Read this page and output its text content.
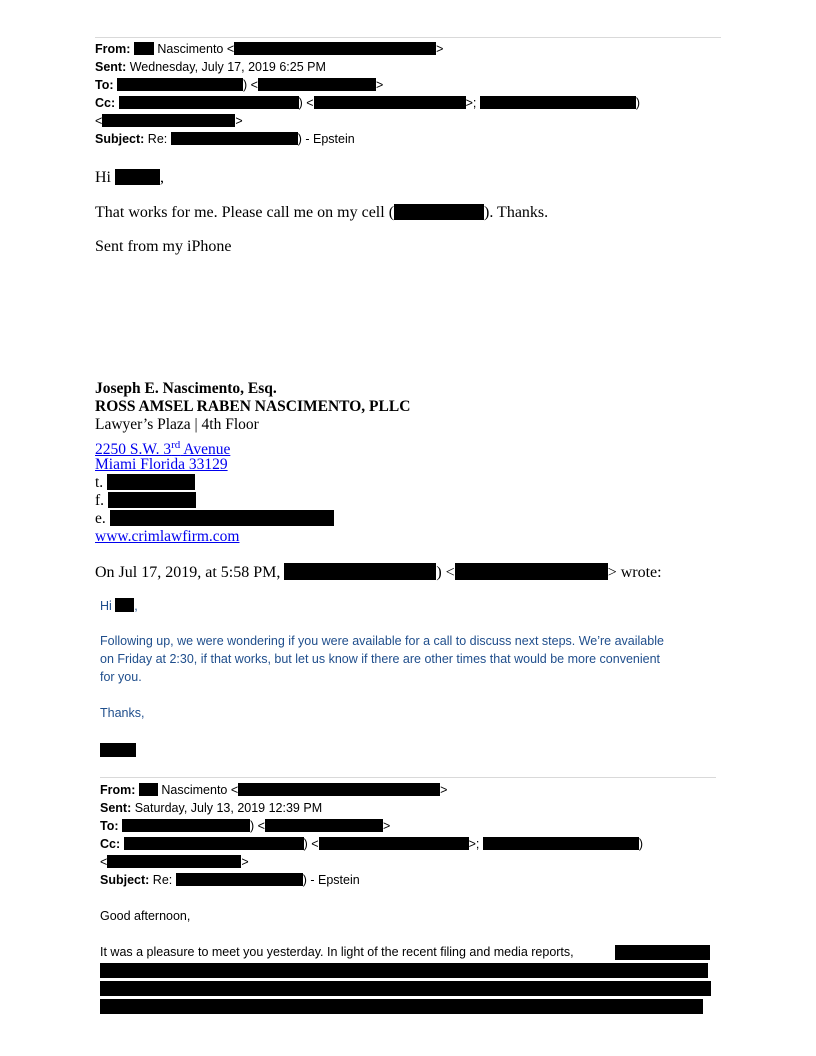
From:  Nascimento <	>
Sent: Wednesday, July 17, 2019 6:25 PM
To:	) <	>
Cc:	) <	>;	)
<	>
Subject: Re:	) - Epstein
Hi	,
That works for me. Please call me on my cell (	). Thanks.
Sent from my iPhone
Joseph E. Nascimento, Esq.
ROSS AMSEL RABEN NASCIMENTO, PLLC
Lawyer’s Plaza | 4th Floor
2250 S.W. 3rd Avenue
Miami Florida 33129
t.
f.
e.
www.crimlawfirm.com
On Jul 17, 2019, at 5:58 PM,	) <	> wrote:
Hi ,
Following up, we were wondering if you were available for a call to discuss next steps. We’re available
on Friday at 2:30, if that works, but let us know if there are other times that would be more convenient
for you.
Thanks,
From:  Nascimento <	>
Sent: Saturday, July 13, 2019 12:39 PM
To:	) <	>
Cc:	) <	>;	)
<	>
Subject: Re:	) - Epstein
Good afternoon,
It was a pleasure to meet you yesterday. In light of the recent filing and media reports,
